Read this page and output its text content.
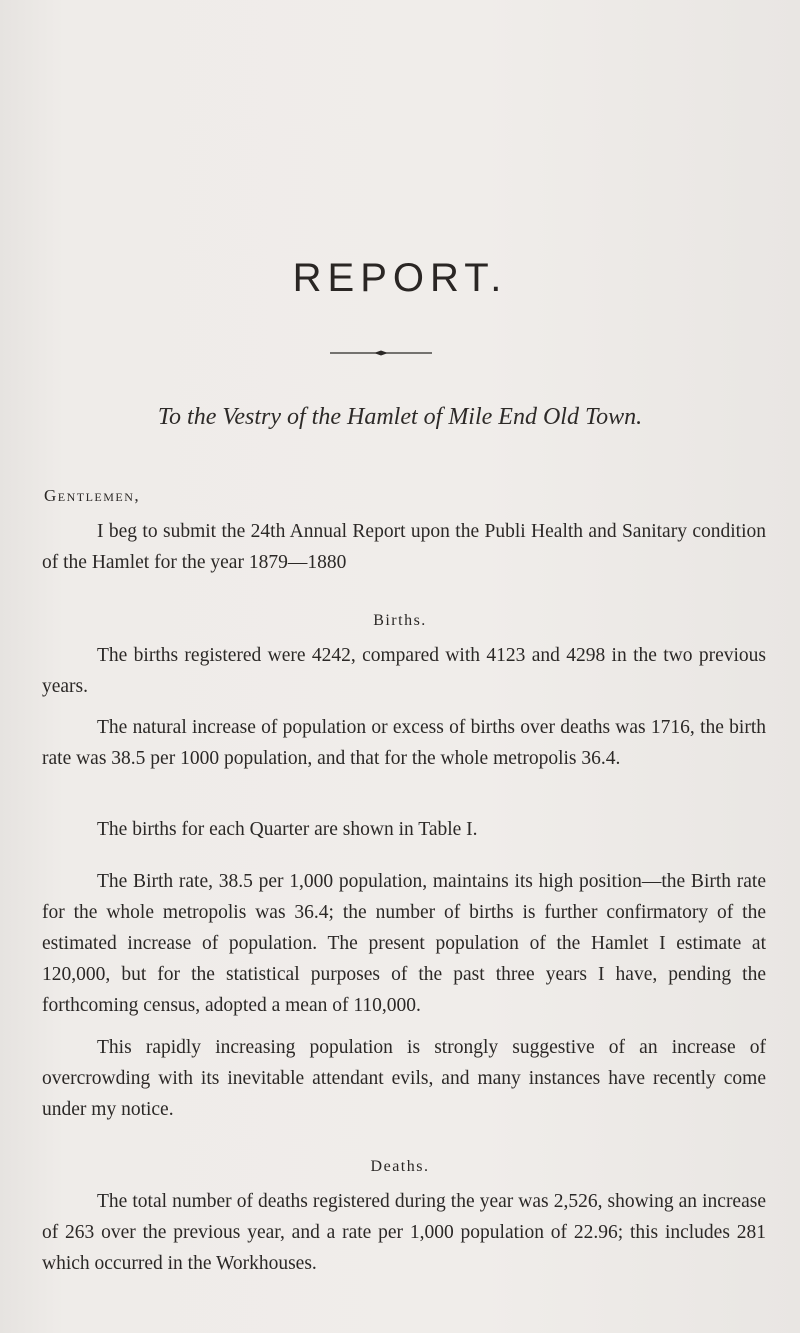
REPORT.
To the Vestry of the Hamlet of Mile End Old Town.
Gentlemen,
I beg to submit the 24th Annual Report upon the Publi Health and Sanitary condition of the Hamlet for the year 1879—1880
Births.
The births registered were 4242, compared with 4123 and 4298 in the two previous years.
The natural increase of population or excess of births over deaths was 1716, the birth rate was 38.5 per 1000 population, and that for the whole metropolis 36.4.
The births for each Quarter are shown in Table I.
The Birth rate, 38.5 per 1,000 population, maintains its high position—the Birth rate for the whole metropolis was 36.4; the number of births is further confirmatory of the estimated increase of population. The present population of the Hamlet I estimate at 120,000, but for the statistical purposes of the past three years I have, pending the forthcoming census, adopted a mean of 110,000.
This rapidly increasing population is strongly suggestive of an increase of overcrowding with its inevitable attendant evils, and many instances have recently come under my notice.
Deaths.
The total number of deaths registered during the year was 2,526, showing an increase of 263 over the previous year, and a rate per 1,000 population of 22.96; this includes 281 which occurred in the Workhouses.
